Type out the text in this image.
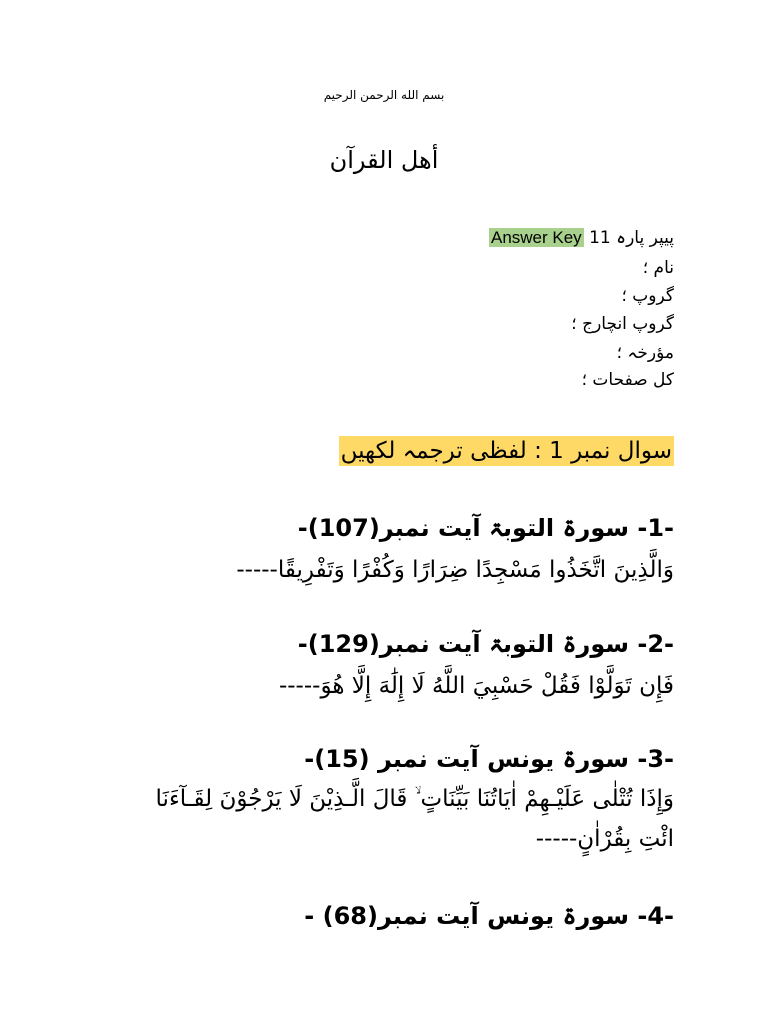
بسم الله الرحمن الرحيم
أهل القرآن
پیپر پارہ 11 Answer Key
نام ؛
گروپ ؛
گروپ انچارج ؛
مؤرخہ ؛
کل صفحات ؛
سوال نمبر 1 : لفظی ترجمہ لکھیں
-1- سورۃ التوبۃ آیت نمبر(107)-
وَالَّذِينَ اتَّخَذُوا مَسْجِدًا ضِرَارًا وَكُفْرًا وَتَفْرِيقًا-----
-2- سورۃ التوبۃ آیت نمبر(129)-
فَإِن تَوَلَّوْا فَقُلْ حَسْبِيَ اللَّهُ لَا إِلَٰهَ إِلَّا هُوَ-----
-3- سورۃ یونس آیت نمبر (15)-
وَإِذَا تُتْلٰى عَلَيْـهِمْ اٰيَاتُنَا بَيِّنَاتٍ ۙ قَالَ الَّـذِيْنَ لَا يَرْجُوْنَ لِقَـآءَنَا
ائْتِ بِقُرْاٰنٍ-----
-4- سورۃ یونس آیت نمبر(68) -
